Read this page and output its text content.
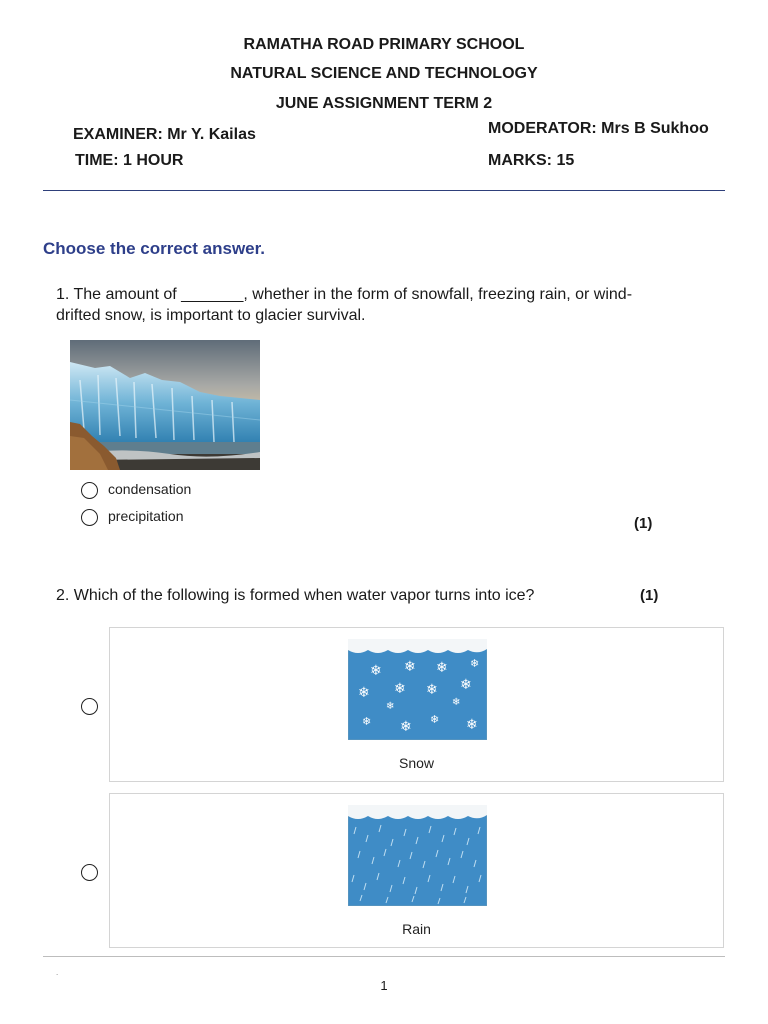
RAMATHA ROAD PRIMARY SCHOOL
NATURAL SCIENCE AND TECHNOLOGY
JUNE ASSIGNMENT TERM 2
EXAMINER: Mr Y. Kailas	MODERATOR: Mrs B Sukhoo
TIME: 1 HOUR	MARKS: 15
Choose the correct answer.
1. The amount of _______, whether in the form of snowfall, freezing rain, or wind-
drifted snow, is important to glacier survival.
condensation
precipitation	(1)
2. Which of the following is formed when water vapor turns into ice?	(1)
❄ ❄ ❄ ❄
❄ ❄ ❄ ❄
❄	❄
❄ ❄ ❄ ❄
Snow
Rain
.
1
